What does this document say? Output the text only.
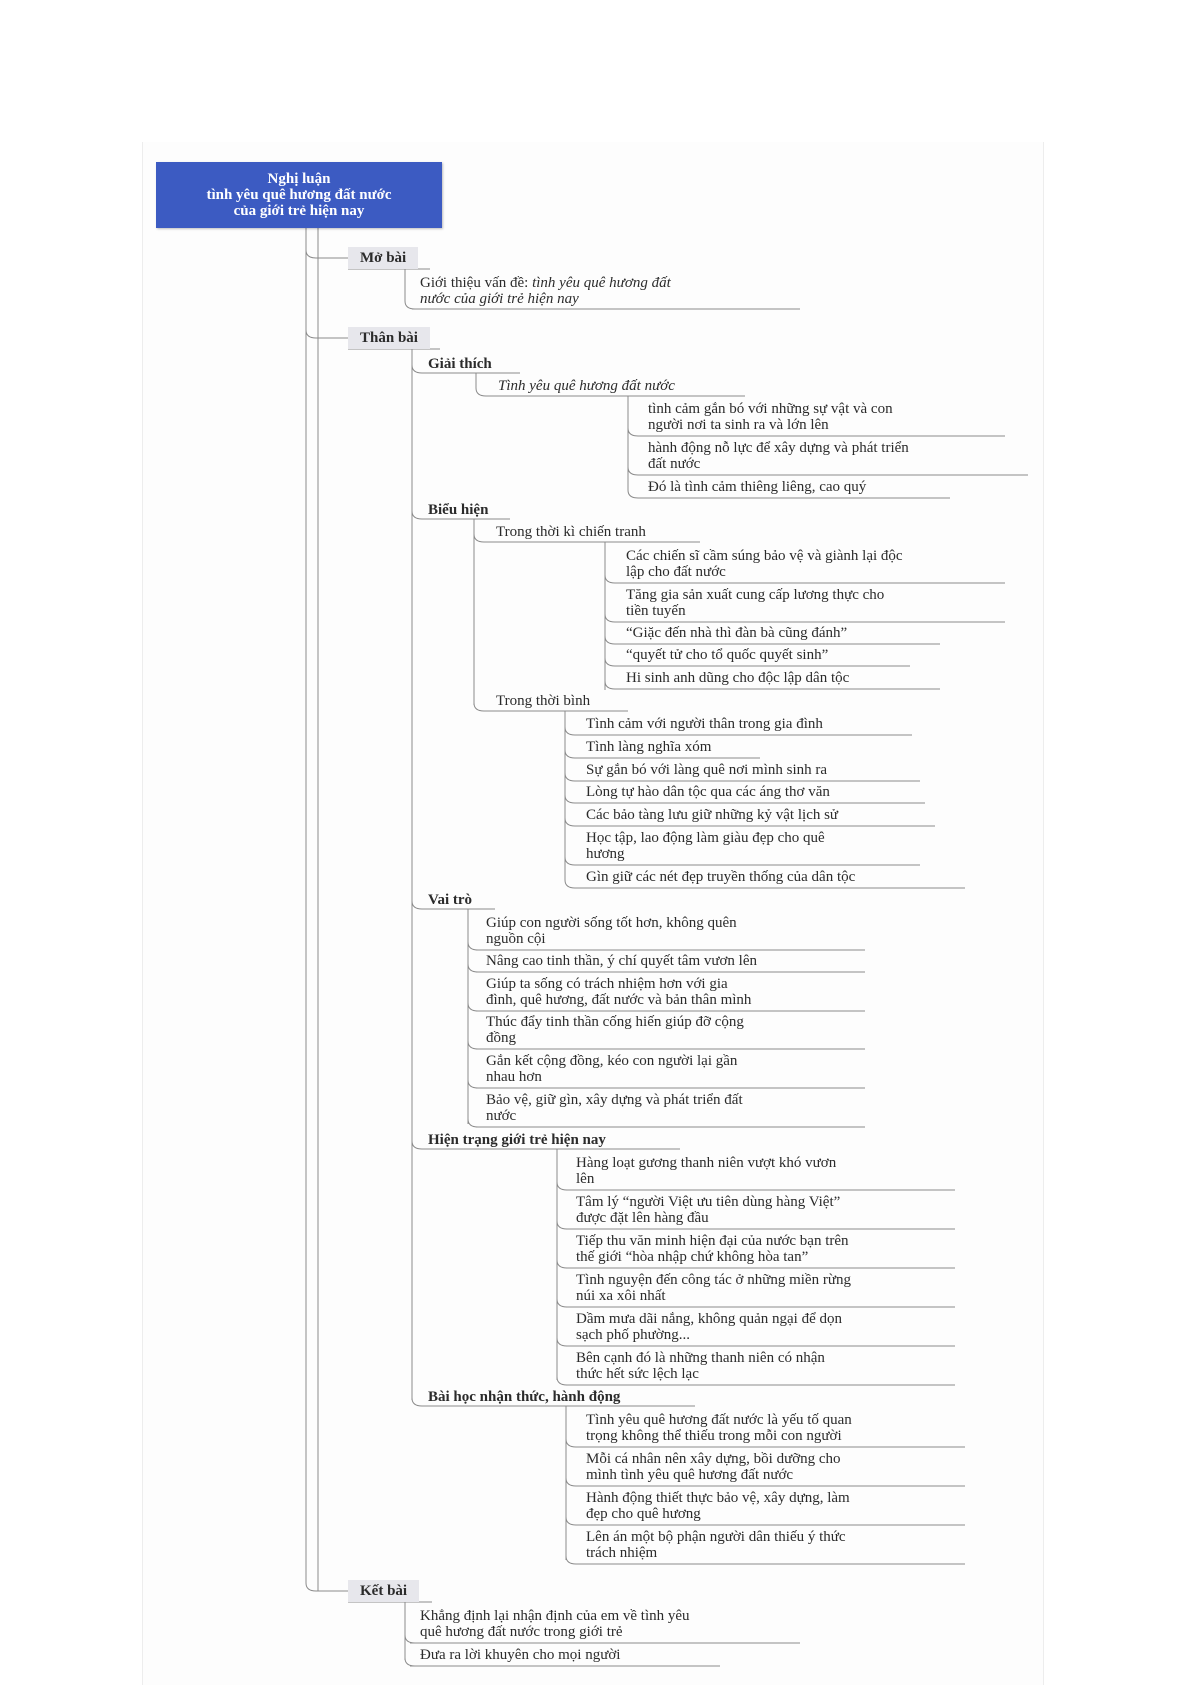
Nghị luận
tình yêu quê hương đất nước
của giới trẻ hiện nay
Mở bài
Giới thiệu vấn đề: tình yêu quê hương đất
nước của giới trẻ hiện nay
Thân bài
Giải thích
Tình yêu quê hương đất nước
Biểu hiện
Trong thời kì chiến tranh
Trong thời bình
Vai trò
Hiện trạng giới trẻ hiện nay
Bài học nhận thức, hành động
Kết bài
tình cảm gắn bó với những sự vật và con
người nơi ta sinh ra và lớn lên
hành động nỗ lực để xây dựng và phát triển
đất nước
Đó là tình cảm thiêng liêng, cao quý
Các chiến sĩ cầm súng bảo vệ và giành lại độc
lập cho đất nước
Tăng gia sản xuất cung cấp lương thực cho
tiền tuyến
“Giặc đến nhà thì đàn bà cũng đánh”
“quyết tử cho tổ quốc quyết sinh”
Hi sinh anh dũng cho độc lập dân tộc
Tình cảm với người thân trong gia đình
Tình làng nghĩa xóm
Sự gắn bó với làng quê nơi mình sinh ra
Lòng tự hào dân tộc qua các áng thơ văn
Các bảo tàng lưu giữ những kỷ vật lịch sử
Học tập, lao động làm giàu đẹp cho quê
hương
Gìn giữ các nét đẹp truyền thống của dân tộc
Giúp con người sống tốt hơn, không quên
nguồn cội
Nâng cao tinh thần, ý chí quyết tâm vươn lên
Giúp ta sống có trách nhiệm hơn với gia
đình, quê hương, đất nước và bản thân mình
Thúc đẩy tinh thần cống hiến giúp đỡ cộng
đồng
Gắn kết cộng đồng, kéo con người lại gần
nhau hơn
Bảo vệ, giữ gìn, xây dựng và phát triển đất
nước
Hàng loạt gương thanh niên vượt khó vươn
lên
Tâm lý “người Việt ưu tiên dùng hàng Việt”
được đặt lên hàng đầu
Tiếp thu văn minh hiện đại của nước bạn trên
thế giới “hòa nhập chứ không hòa tan”
Tình nguyện đến công tác ở những miền rừng
núi xa xôi nhất
Dầm mưa dãi nắng, không quản ngại để dọn
sạch phố phường...
Bên cạnh đó là những thanh niên có nhận
thức hết sức lệch lạc
Tình yêu quê hương đất nước là yếu tố quan
trọng không thể thiếu trong mỗi con người
Mỗi cá nhân nên xây dựng, bồi dưỡng cho
mình tình yêu quê hương đất nước
Hành động thiết thực bảo vệ, xây dựng, làm
đẹp cho quê hương
Lên án một bộ phận người dân thiếu ý thức
trách nhiệm
Khẳng định lại nhận định của em về tình yêu
quê hương đất nước trong giới trẻ
Đưa ra lời khuyên cho mọi người
